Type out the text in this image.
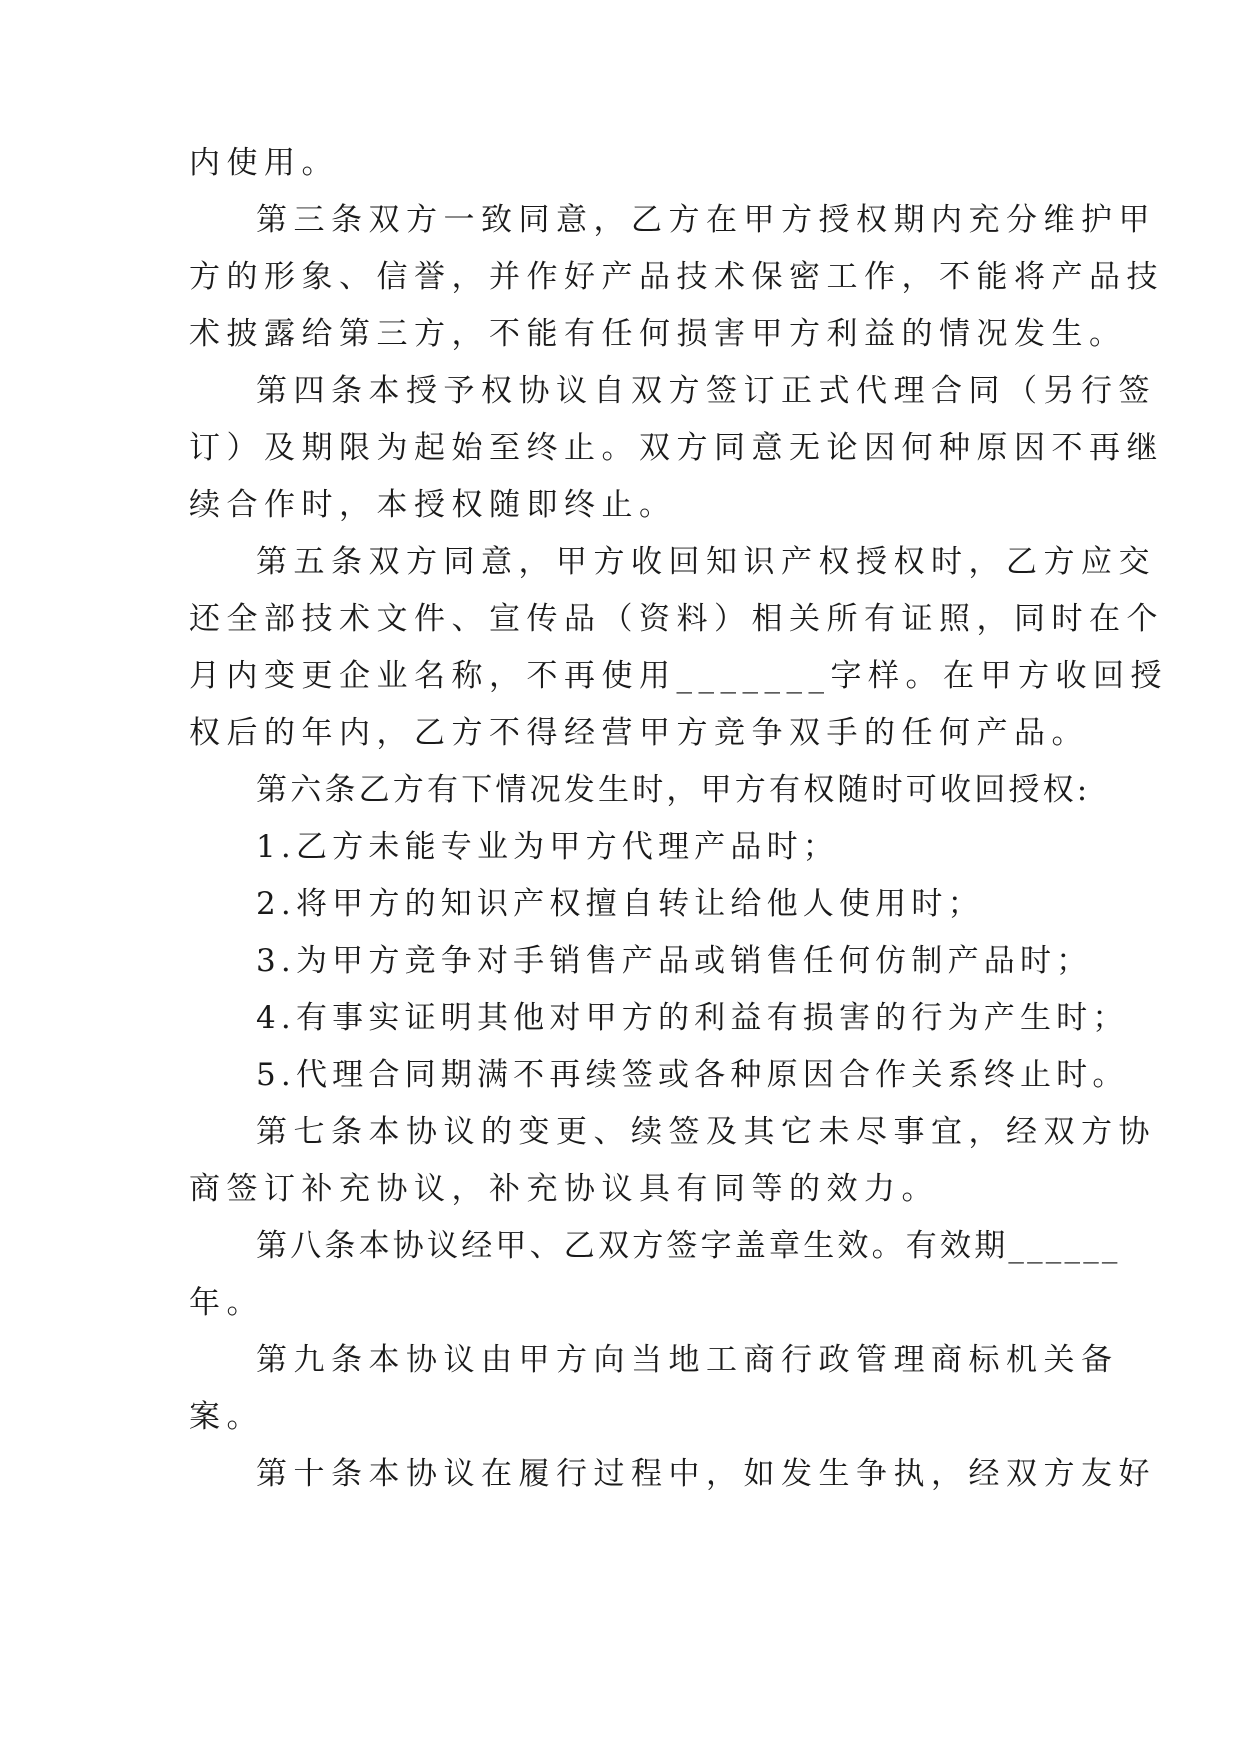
内使用。
第三条双方一致同意，乙方在甲方授权期内充分维护甲
方的形象、信誉，并作好产品技术保密工作，不能将产品技
术披露给第三方，不能有任何损害甲方利益的情况发生。
第四条本授予权协议自双方签订正式代理合同（另行签
订）及期限为起始至终止。双方同意无论因何种原因不再继
续合作时，本授权随即终止。
第五条双方同意，甲方收回知识产权授权时，乙方应交
还全部技术文件、宣传品（资料）相关所有证照，同时在个
月内变更企业名称，不再使用_______字样。在甲方收回授
权后的年内，乙方不得经营甲方竞争双手的任何产品。
第六条乙方有下情况发生时，甲方有权随时可收回授权:
1.乙方未能专业为甲方代理产品时；
2.将甲方的知识产权擅自转让给他人使用时；
3.为甲方竞争对手销售产品或销售任何仿制产品时；
4.有事实证明其他对甲方的利益有损害的行为产生时；
5.代理合同期满不再续签或各种原因合作关系终止时。
第七条本协议的变更、续签及其它未尽事宜，经双方协
商签订补充协议，补充协议具有同等的效力。
第八条本协议经甲、乙双方签字盖章生效。有效期______
年。
第九条本协议由甲方向当地工商行政管理商标机关备
案。
第十条本协议在履行过程中，如发生争执，经双方友好
